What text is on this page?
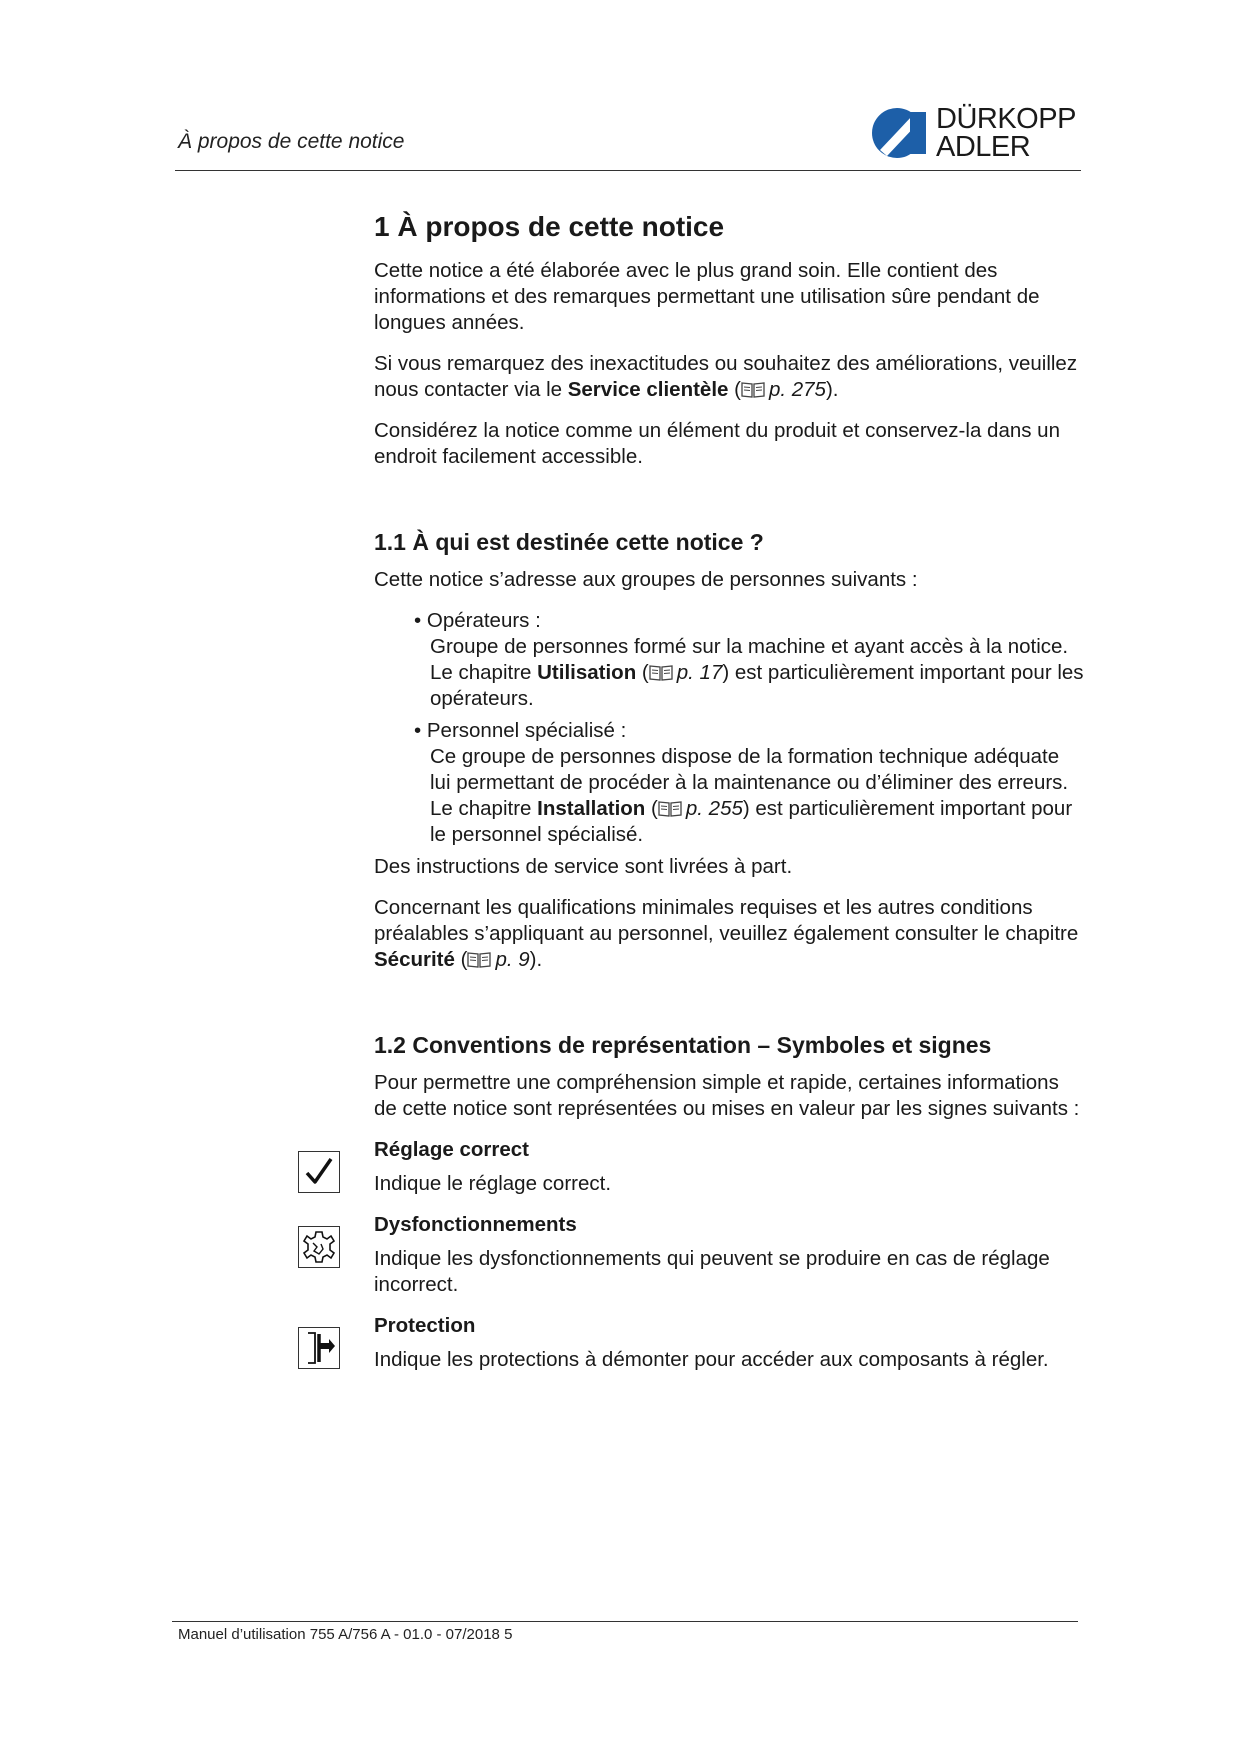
À propos de cette notice
DÜRKOPP
ADLER
1 À propos de cette notice

Cette notice a été élaborée avec le plus grand soin. Elle contient des informations et des remarques permettant une utilisation sûre pendant de longues années.

Si vous remarquez des inexactitudes ou souhaitez des améliorations, veuillez nous contacter via le Service clientèle ( p. 275).

Considérez la notice comme un élément du produit et conservez-la dans un endroit facilement accessible.

1.1 À qui est destinée cette notice ?

Cette notice s’adresse aux groupes de personnes suivants :

• Opérateurs :
Groupe de personnes formé sur la machine et ayant accès à la notice. Le chapitre Utilisation ( p. 17) est particulièrement important pour les opérateurs.
• Personnel spécialisé :
Ce groupe de personnes dispose de la formation technique adéquate lui permettant de procéder à la maintenance ou d’éliminer des erreurs. Le chapitre Installation ( p. 255) est particulièrement important pour le personnel spécialisé.

Des instructions de service sont livrées à part.

Concernant les qualifications minimales requises et les autres conditions préalables s’appliquant au personnel, veuillez également consulter le chapitre Sécurité ( p. 9).

1.2 Conventions de représentation – Symboles et signes

Pour permettre une compréhension simple et rapide, certaines informations de cette notice sont représentées ou mises en valeur par les signes suivants :

Réglage correct

Indique le réglage correct.

Dysfonctionnements

Indique les dysfonctionnements qui peuvent se produire en cas de réglage incorrect.

Protection

Indique les protections à démonter pour accéder aux composants à régler.

Manuel d’utilisation 755 A/756 A - 01.0 - 07/2018 5
